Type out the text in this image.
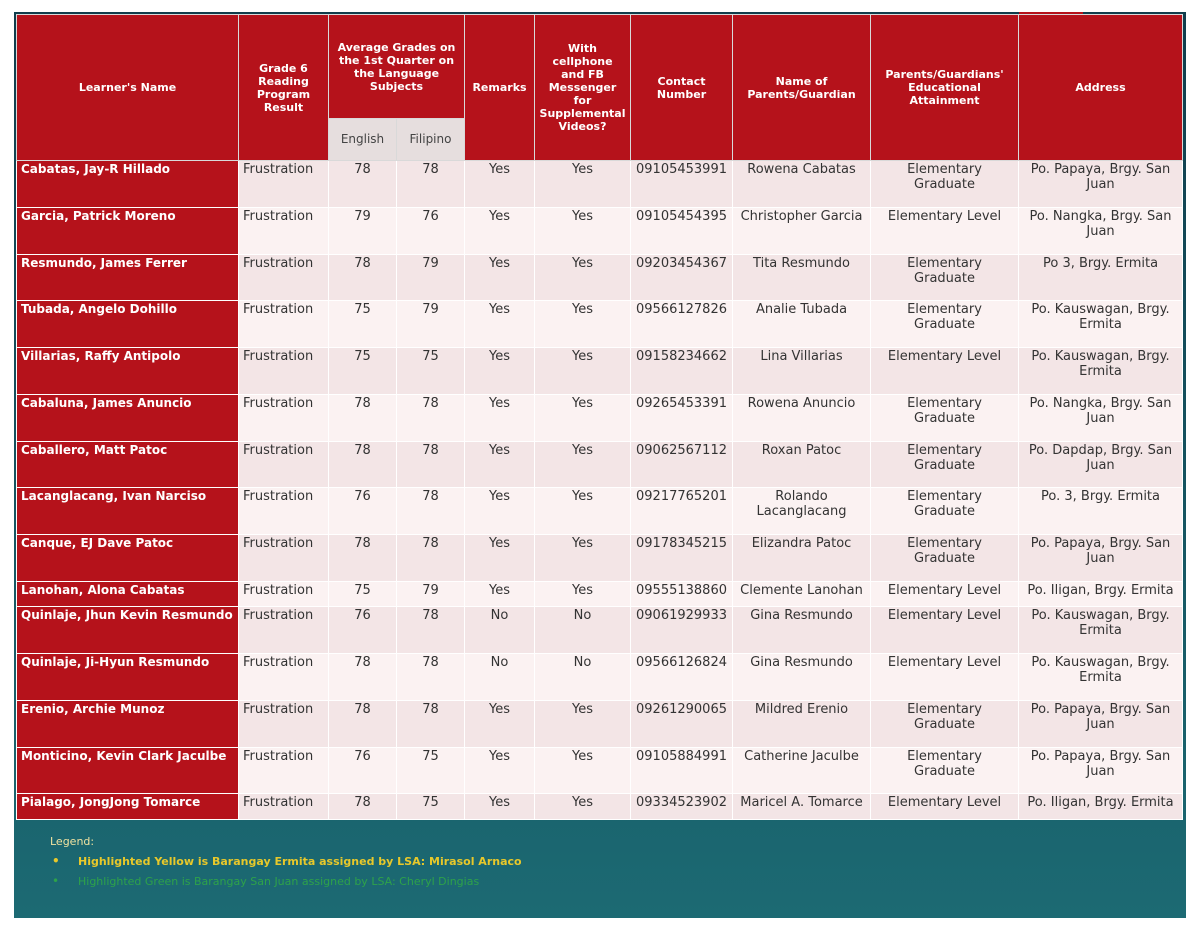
Learner's Name	Grade 6 Reading Program Result	Average Grades on the 1st Quarter on the Language Subjects		Remarks	With cellphone and FB Messenger for Supplemental Videos?	Contact Number	Name of Parents/Guardian	Parents/Guardians' Educational Attainment	Address
		English	Filipino						
Cabatas, Jay-R Hillado	Frustration	78	78	Yes	Yes	09105453991	Rowena Cabatas	Elementary Graduate	Po. Papaya, Brgy. San Juan
Garcia, Patrick Moreno	Frustration	79	76	Yes	Yes	09105454395	Christopher Garcia	Elementary Level	Po. Nangka, Brgy. San Juan
Resmundo, James Ferrer	Frustration	78	79	Yes	Yes	09203454367	Tita Resmundo	Elementary Graduate	Po 3, Brgy. Ermita
Tubada, Angelo Dohillo	Frustration	75	79	Yes	Yes	09566127826	Analie Tubada	Elementary Graduate	Po. Kauswagan, Brgy. Ermita
Villarias, Raffy Antipolo	Frustration	75	75	Yes	Yes	09158234662	Lina Villarias	Elementary Level	Po. Kauswagan, Brgy. Ermita
Cabaluna, James Anuncio	Frustration	78	78	Yes	Yes	09265453391	Rowena Anuncio	Elementary Graduate	Po. Nangka, Brgy. San Juan
Caballero, Matt Patoc	Frustration	78	78	Yes	Yes	09062567112	Roxan Patoc	Elementary Graduate	Po. Dapdap, Brgy. San Juan
Lacanglacang, Ivan Narciso	Frustration	76	78	Yes	Yes	09217765201	Rolando Lacanglacang	Elementary Graduate	Po. 3, Brgy. Ermita
Canque, EJ Dave Patoc	Frustration	78	78	Yes	Yes	09178345215	Elizandra Patoc	Elementary Graduate	Po. Papaya, Brgy. San Juan
Lanohan, Alona Cabatas	Frustration	75	79	Yes	Yes	09555138860	Clemente Lanohan	Elementary Level	Po. Iligan, Brgy. Ermita
Quinlaje, Jhun Kevin Resmundo	Frustration	76	78	No	No	09061929933	Gina Resmundo	Elementary Level	Po. Kauswagan, Brgy. Ermita
Quinlaje, Ji-Hyun Resmundo	Frustration	78	78	No	No	09566126824	Gina Resmundo	Elementary Level	Po. Kauswagan, Brgy. Ermita
Erenio, Archie Munoz	Frustration	78	78	Yes	Yes	09261290065	Mildred Erenio	Elementary Graduate	Po. Papaya, Brgy. San Juan
Monticino, Kevin Clark Jaculbe	Frustration	76	75	Yes	Yes	09105884991	Catherine Jaculbe	Elementary Graduate	Po. Papaya, Brgy. San Juan
Pialago, JongJong Tomarce	Frustration	78	75	Yes	Yes	09334523902	Maricel A. Tomarce	Elementary Level	Po. Iligan, Brgy. Ermita
Legend:
•	Highlighted Yellow is Barangay Ermita assigned by LSA: Mirasol Arnaco
•	Highlighted Green is Barangay San Juan assigned by LSA: Cheryl Dingias
